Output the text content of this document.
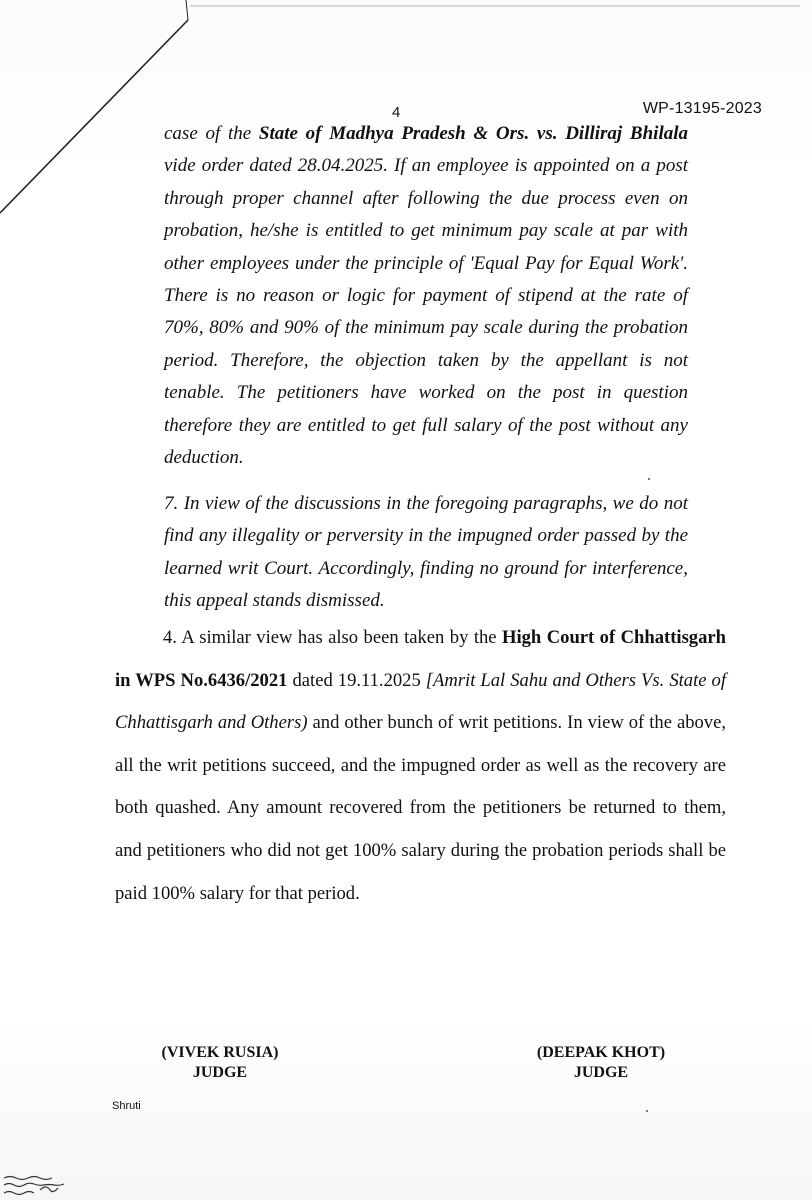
4	WP-13195-2023

case of the State of Madhya Pradesh & Ors. vs. Dilliraj Bhilala vide order dated 28.04.2025. If an employee is appointed on a post through proper channel after following the due process even on probation, he/she is entitled to get minimum pay scale at par with other employees under the principle of 'Equal Pay for Equal Work'. There is no reason or logic for payment of stipend at the rate of 70%, 80% and 90% of the minimum pay scale during the probation period. Therefore, the objection taken by the appellant is not tenable. The petitioners have worked on the post in question therefore they are entitled to get full salary of the post without any deduction.

7. In view of the discussions in the foregoing paragraphs, we do not find any illegality or perversity in the impugned order passed by the learned writ Court. Accordingly, finding no ground for interference, this appeal stands dismissed.

4. A similar view has also been taken by the High Court of Chhattisgarh in WPS No.6436/2021 dated 19.11.2025 [Amrit Lal Sahu and Others Vs. State of Chhattisgarh and Others) and other bunch of writ petitions. In view of the above, all the writ petitions succeed, and the impugned order as well as the recovery are both quashed. Any amount recovered from the petitioners be returned to them, and petitioners who did not get 100% salary during the probation periods shall be paid 100% salary for that period.

(VIVEK RUSIA)
JUDGE
(DEEPAK KHOT)
JUDGE
Shruti
